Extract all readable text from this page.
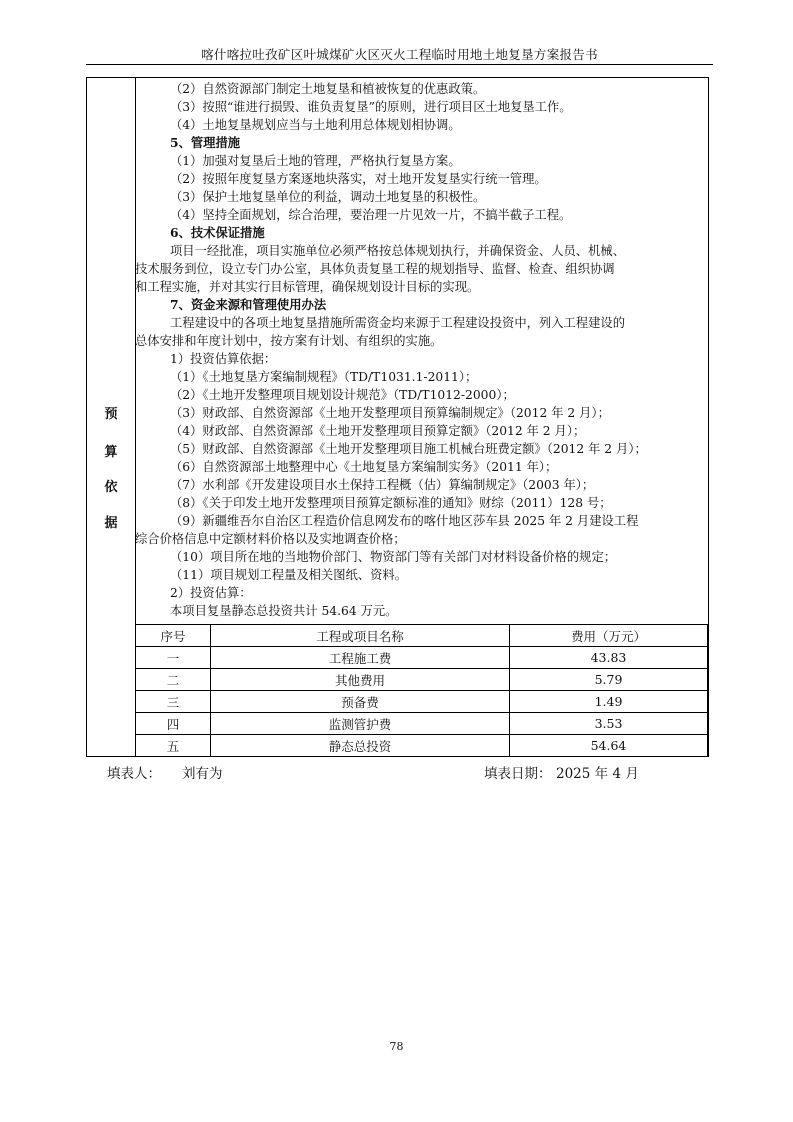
喀什喀拉吐孜矿区叶城煤矿火区灭火工程临时用地土地复垦方案报告书
预
算
依
据
（2）自然资源部门制定土地复垦和植被恢复的优惠政策。
（3）按照“谁进行损毁、谁负责复垦”的原则，进行项目区土地复垦工作。
（4）土地复垦规划应当与土地利用总体规划相协调。
5、管理措施
（1）加强对复垦后土地的管理，严格执行复垦方案。
（2）按照年度复垦方案逐地块落实，对土地开发复垦实行统一管理。
（3）保护土地复垦单位的利益，调动土地复垦的积极性。
（4）坚持全面规划，综合治理，要治理一片见效一片，不搞半截子工程。
6、技术保证措施
项目一经批准，项目实施单位必须严格按总体规划执行，并确保资金、人员、机械、
技术服务到位，设立专门办公室，具体负责复垦工程的规划指导、监督、检查、组织协调
和工程实施，并对其实行目标管理，确保规划设计目标的实现。
7、资金来源和管理使用办法
工程建设中的各项土地复垦措施所需资金均来源于工程建设投资中，列入工程建设的
总体安排和年度计划中，按方案有计划、有组织的实施。
1）投资估算依据：
（1）《土地复垦方案编制规程》（TD/T1031.1-2011）；
（2）《土地开发整理项目规划设计规范》（TD/T1012-2000）；
（3）财政部、自然资源部《土地开发整理项目预算编制规定》（2012 年 2 月）；
（4）财政部、自然资源部《土地开发整理项目预算定额》（2012 年 2 月）；
（5）财政部、自然资源部《土地开发整理项目施工机械台班费定额》（2012 年 2 月）；
（6）自然资源部土地整理中心《土地复垦方案编制实务》（2011 年）；
（7）水利部《开发建设项目水土保持工程概（估）算编制规定》（2003 年）；
（8）《关于印发土地开发整理项目预算定额标准的通知》财综（2011）128 号；
（9）新疆维吾尔自治区工程造价信息网发布的喀什地区莎车县 2025 年 2 月建设工程
综合价格信息中定额材料价格以及实地调查价格；
（10）项目所在地的当地物价部门、物资部门等有关部门对材料设备价格的规定；
（11）项目规划工程量及相关图纸、资料。
2）投资估算：
本项目复垦静态总投资共计 54.64 万元。
序号	工程或项目名称	费用（万元）
一	工程施工费	43.83
二	其他费用	5.79
三	预备费	1.49
四	监测管护费	3.53
五	静态总投资	54.64
填表人： 刘有为	填表日期： 2025 年 4 月
78
